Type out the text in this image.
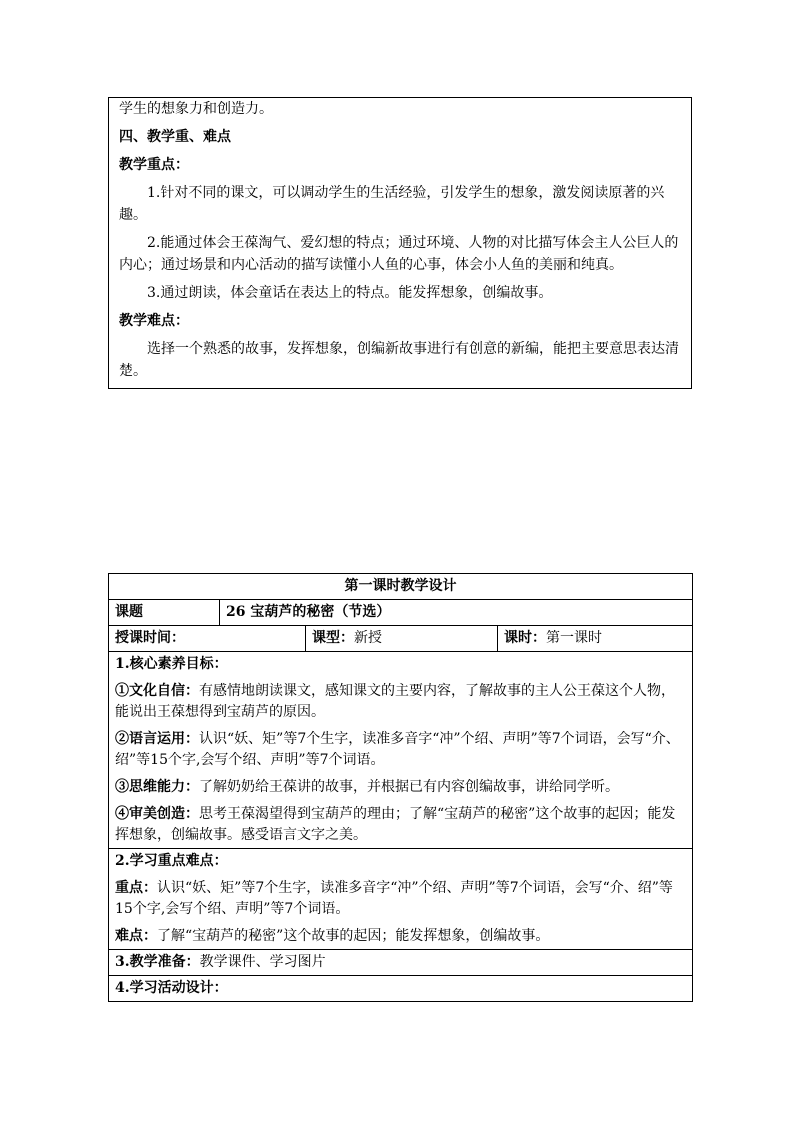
学生的想象力和创造力。

四、教学重、难点

教学重点：

1.针对不同的课文，可以调动学生的生活经验，引发学生的想象，激发阅读原著的兴趣。

2.能通过体会王葆淘气、爱幻想的特点；通过环境、人物的对比描写体会主人公巨人的内心；通过场景和内心活动的描写读懂小人鱼的心事，体会小人鱼的美丽和纯真。

3.通过朗读，体会童话在表达上的特点。能发挥想象，创编故事。

教学难点：

选择一个熟悉的故事，发挥想象，创编新故事进行有创意的新编，能把主要意思表达清楚。

第一课时教学设计			
课题	26 宝葫芦的秘密（节选）		
授课时间：		课型：新授	课时：第一课时

1.核心素养目标：

①文化自信：有感情地朗读课文，感知课文的主要内容，了解故事的主人公王葆这个人物，能说出王葆想得到宝葫芦的原因。

②语言运用：认识“妖、矩”等7个生字，读准多音字“冲”个绍、声明”等7个词语，会写“介、绍”等15个字,会写个绍、声明”等7个词语。

③思维能力：了解奶奶给王葆讲的故事，并根据已有内容创编故事，讲给同学听。

④审美创造：思考王葆渴望得到宝葫芦的理由；了解“宝葫芦的秘密”这个故事的起因；能发挥想象，创编故事。感受语言文字之美。			

2.学习重点难点：

重点：认识“妖、矩”等7个生字，读准多音字“冲”个绍、声明”等7个词语，会写“介、绍”等15个字,会写个绍、声明”等7个词语。

难点：了解“宝葫芦的秘密”这个故事的起因；能发挥想象，创编故事。			

3.教学准备：教学课件、学习图片			
4.学习活动设计：			
